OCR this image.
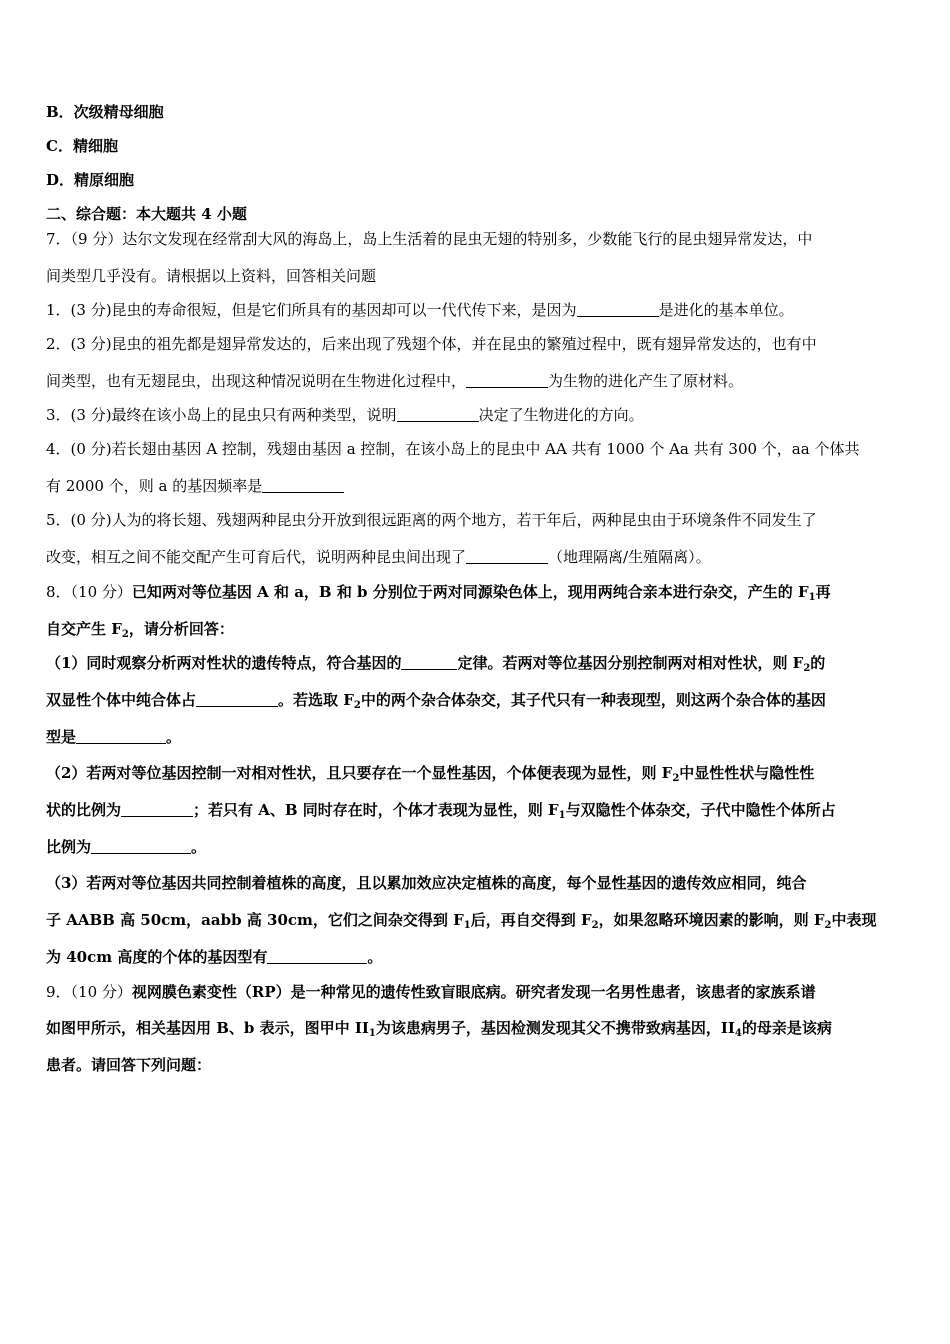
B．次级精母细胞
C．精细胞
D．精原细胞
二、综合题：本大题共 4 小题
7．（9 分）达尔文发现在经常刮大风的海岛上，岛上生活着的昆虫无翅的特别多，少数能飞行的昆虫翅异常发达，中
间类型几乎没有。请根据以上资料，回答相关问题
1．(3 分)昆虫的寿命很短，但是它们所具有的基因却可以一代代传下来，是因为	是进化的基本单位。
2．(3 分)昆虫的祖先都是翅异常发达的，后来出现了残翅个体，并在昆虫的繁殖过程中，既有翅异常发达的，也有中
间类型，也有无翅昆虫，出现这种情况说明在生物进化过程中，	为生物的进化产生了原材料。
3．(3 分)最终在该小岛上的昆虫只有两种类型，说明	决定了生物进化的方向。
4．(0 分)若长翅由基因 A 控制，残翅由基因 a 控制，在该小岛上的昆虫中 AA 共有 1000 个 Aa 共有 300 个，aa 个体共
有 2000 个，则 a 的基因频率是
5．(0 分)人为的将长翅、残翅两种昆虫分开放到很远距离的两个地方，若干年后，两种昆虫由于环境条件不同发生了
改变，相互之间不能交配产生可育后代，说明两种昆虫间出现了	（地理隔离/生殖隔离）。
8．（10 分）已知两对等位基因 A 和 a，B 和 b 分别位于两对同源染色体上，现用两纯合亲本进行杂交，产生的 $F_1$再
自交产生 $F_2$，请分析回答：
（1）同时观察分析两对性状的遗传特点，符合基因的	定律。若两对等位基因分别控制两对相对性状，则 $F_2$的
双显性个体中纯合体占	。若选取 $F_2$中的两个杂合体杂交，其子代只有一种表现型，则这两个杂合体的基因
型是	。
（2）若两对等位基因控制一对相对性状，且只要存在一个显性基因，个体便表现为显性，则 $F_2$中显性性状与隐性性
状的比例为	；若只有 A、B 同时存在时，个体才表现为显性，则 $F_1$与双隐性个体杂交，子代中隐性个体所占
比例为	。
（3）若两对等位基因共同控制着植株的高度，且以累加效应决定植株的高度，每个显性基因的遗传效应相同，纯合
子 AABB 高 50cm，aabb 高 30cm，它们之间杂交得到 $F_1$后，再自交得到 $F_2$，如果忽略环境因素的影响，则 $F_2$中表现
为 40cm 高度的个体的基因型有	。
9．（10 分）视网膜色素变性（RP）是一种常见的遗传性致盲眼底病。研究者发现一名男性患者，该患者的家族系谱
如图甲所示，相关基因用 B、b 表示，图甲中 $II_1$为该患病男子，基因检测发现其父不携带致病基因，$II_4$的母亲是该病
患者。请回答下列问题：
